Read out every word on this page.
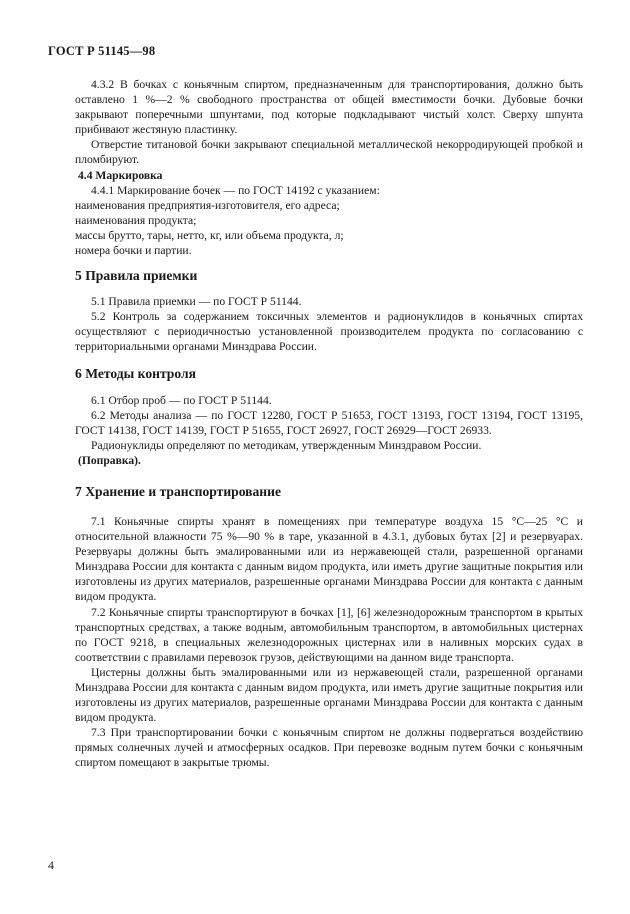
ГОСТ Р 51145—98

4.3.2 В бочках с коньячным спиртом, предназначенным для транспортирования, должно быть оставлено 1 %—2 % свободного пространства от общей вместимости бочки. Дубовые бочки закрывают поперечными шпунтами, под которые подкладывают чистый холст. Сверху шпунта прибивают жестяную пластинку.

Отверстие титановой бочки закрывают специальной металлической некорродирующей пробкой и пломбируют.

4.4 Маркировка

4.4.1 Маркирование бочек — по ГОСТ 14192 с указанием:

наименования предприятия-изготовителя, его адреса;

наименования продукта;

массы брутто, тары, нетто, кг, или объема продукта, л;

номера бочки и партии.

5 Правила приемки

5.1 Правила приемки — по ГОСТ Р 51144.

5.2 Контроль за содержанием токсичных элементов и радионуклидов в коньячных спиртах осуществляют с периодичностью установленной производителем продукта по согласованию с территориальными органами Минздрава России.

6 Методы контроля

6.1 Отбор проб — по ГОСТ Р 51144.

6.2 Методы анализа — по ГОСТ 12280, ГОСТ Р 51653, ГОСТ 13193, ГОСТ 13194, ГОСТ 13195, ГОСТ 14138, ГОСТ 14139, ГОСТ Р 51655, ГОСТ 26927, ГОСТ 26929—ГОСТ 26933.

Радионуклиды определяют по методикам, утвержденным Минздравом России.

(Поправка).

7 Хранение и транспортирование

7.1 Коньячные спирты хранят в помещениях при температуре воздуха 15 °С—25 °С и относительной влажности 75 %—90 % в таре, указанной в 4.3.1, дубовых бутах [2] и резервуарах. Резервуары должны быть эмалированными или из нержавеющей стали, разрешенной органами Минздрава России для контакта с данным видом продукта, или иметь другие защитные покрытия или изготовлены из других материалов, разрешенные органами Минздрава России для контакта с данным видом продукта.

7.2 Коньячные спирты транспортируют в бочках [1], [6] железнодорожным транспортом в крытых транспортных средствах, а также водным, автомобильным транспортом, в автомобильных цистернах по ГОСТ 9218, в специальных железнодорожных цистернах или в наливных морских судах в соответствии с правилами перевозок грузов, действующими на данном виде транспорта.

Цистерны должны быть эмалированными или из нержавеющей стали, разрешенной органами Минздрава России для контакта с данным видом продукта, или иметь другие защитные покрытия или изготовлены из других материалов, разрешенные органами Минздрава России для контакта с данным видом продукта.

7.3 При транспортировании бочки с коньячным спиртом не должны подвергаться воздействию прямых солнечных лучей и атмосферных осадков. При перевозке водным путем бочки с коньячным спиртом помещают в закрытые трюмы.

4
